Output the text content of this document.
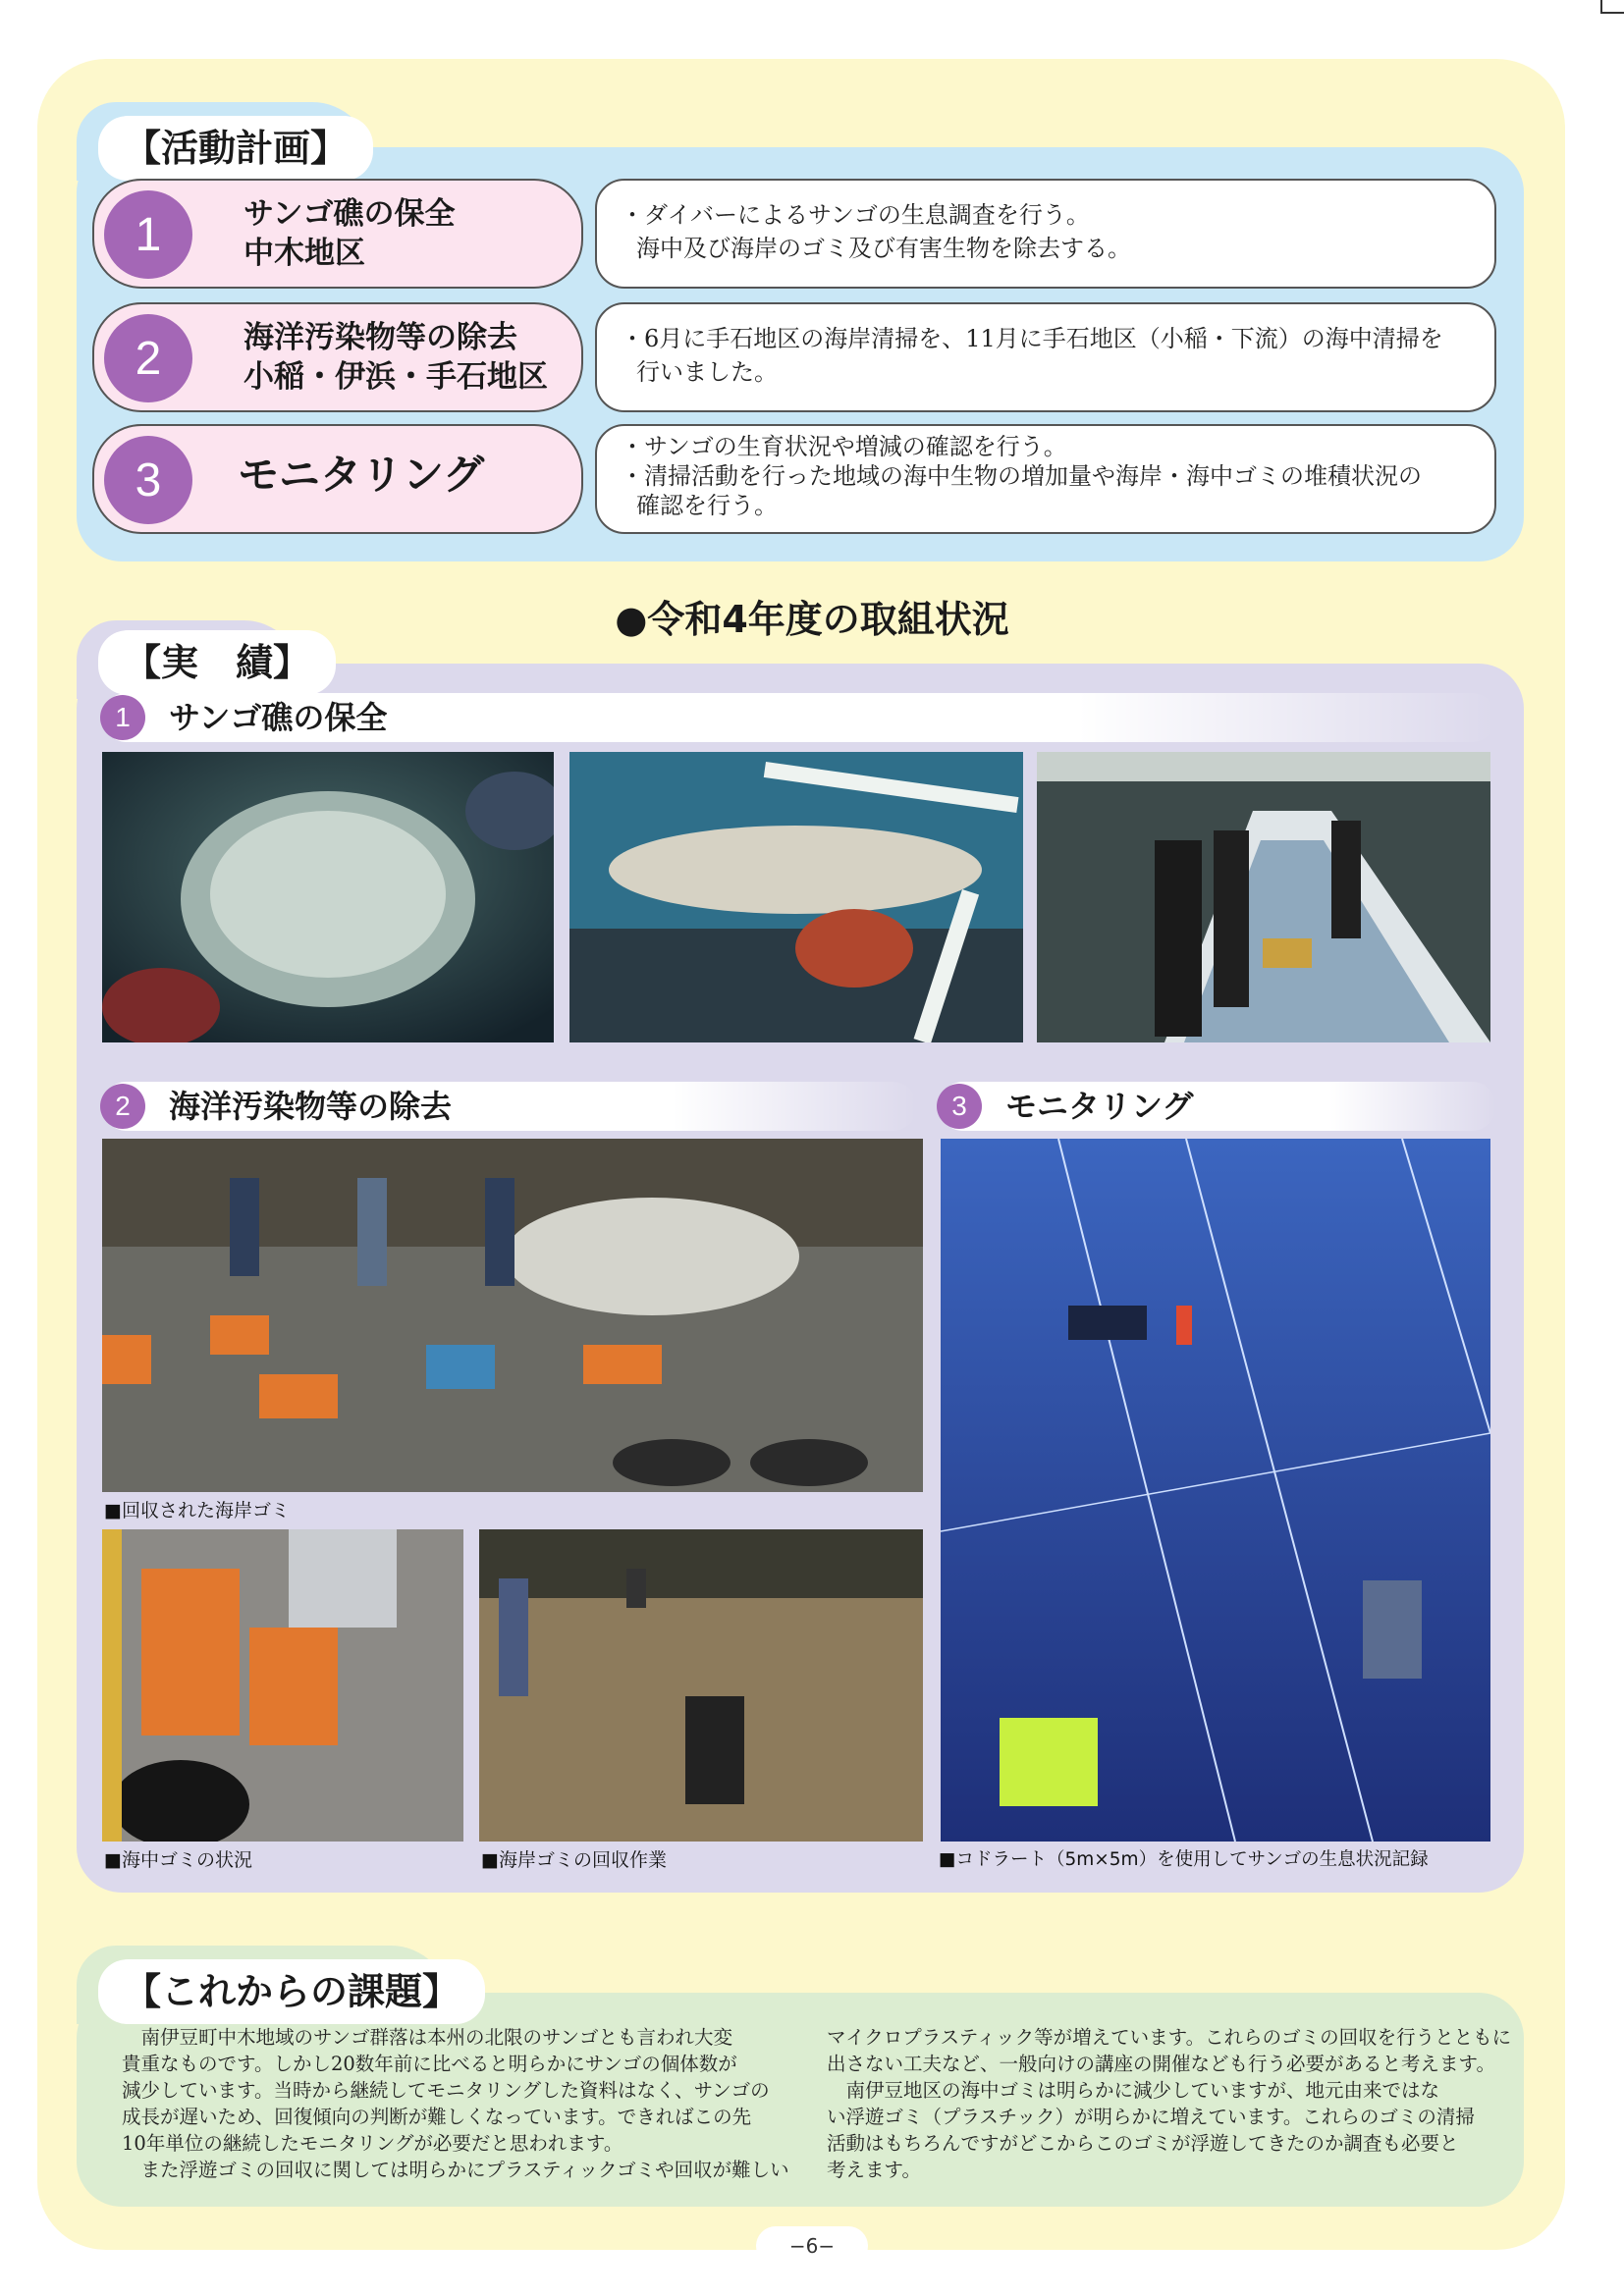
【活動計画】
1	サンゴ礁の保全
中木地区
・ダイバーによるサンゴの生息調査を行う。
海中及び海岸のゴミ及び有害生物を除去する。
2	海洋汚染物等の除去
小稲・伊浜・手石地区
・6月に手石地区の海岸清掃を、11月に手石地区（小稲・下流）の海中清掃を
行いました。
3	モニタリング
・サンゴの生育状況や増減の確認を行う。
・清掃活動を行った地域の海中生物の増加量や海岸・海中ゴミの堆積状況の
確認を行う。
●令和4年度の取組状況
【実　績】
1	サンゴ礁の保全
2	海洋汚染物等の除去	3	モニタリング
■回収された海岸ゴミ
■海中ゴミの状況	■海岸ゴミの回収作業	■コドラート（5m×5m）を使用してサンゴの生息状況記録
【これからの課題】
　南伊豆町中木地域のサンゴ群落は本州の北限のサンゴとも言われ大変
貴重なものです。しかし20数年前に比べると明らかにサンゴの個体数が
減少しています。当時から継続してモニタリングした資料はなく、サンゴの
成長が遅いため、回復傾向の判断が難しくなっています。できればこの先
10年単位の継続したモニタリングが必要だと思われます。
　また浮遊ゴミの回収に関しては明らかにプラスティックゴミや回収が難しい
マイクロプラスティック等が増えています。これらのゴミの回収を行うとともに
出さない工夫など、一般向けの講座の開催なども行う必要があると考えます。
　南伊豆地区の海中ゴミは明らかに減少していますが、地元由来ではな
い浮遊ゴミ（プラスチック）が明らかに増えています。これらのゴミの清掃
活動はもちろんですがどこからこのゴミが浮遊してきたのか調査も必要と
考えます。
−6−
